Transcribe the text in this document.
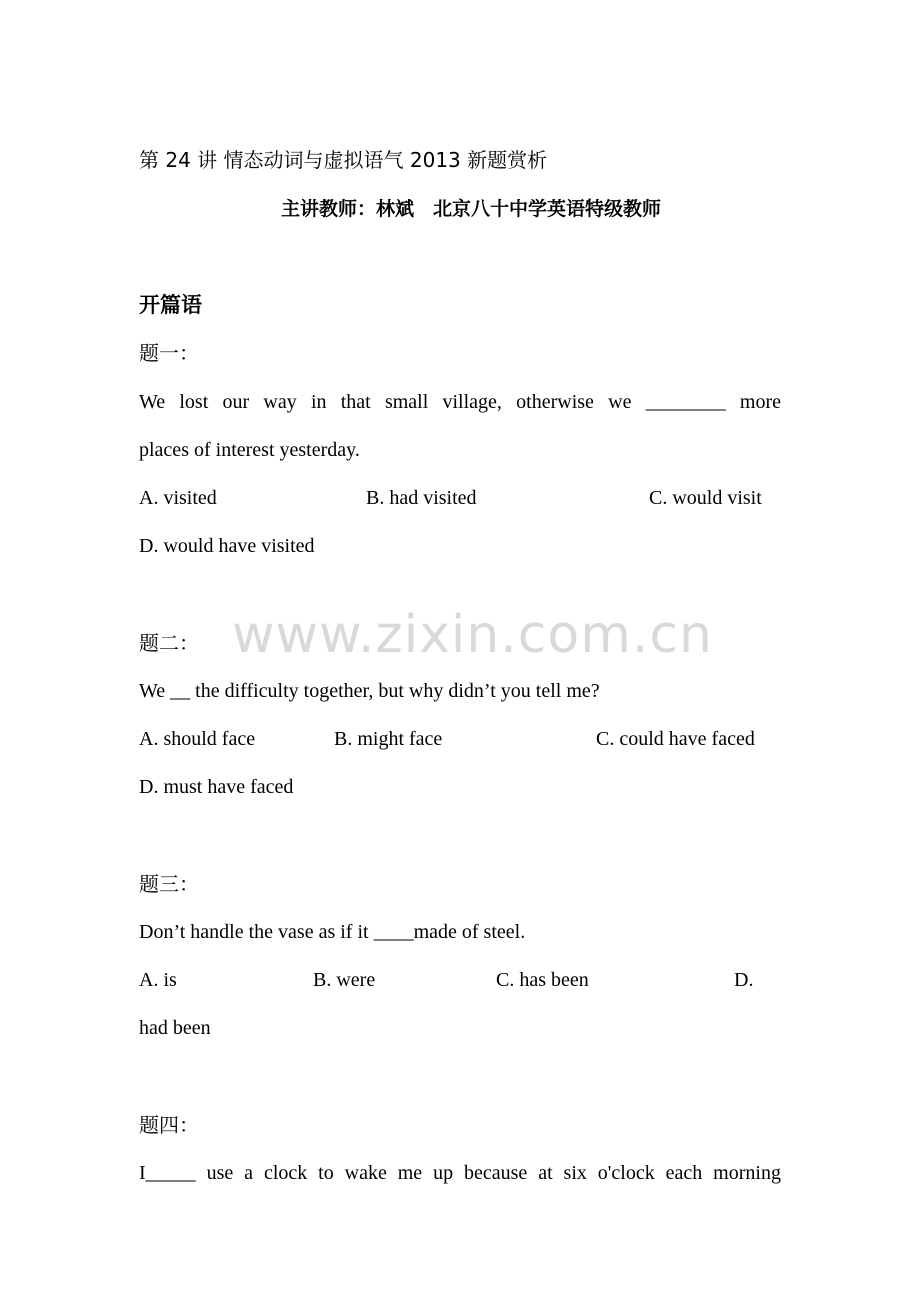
第 24 讲 情态动词与虚拟语气 2013 新题赏析
主讲教师：林斌　北京八十中学英语特级教师
开篇语
题一：
We lost our way in that small village, otherwise we ________ more
places of interest yesterday.
A. visited	B. had visited	C. would visit
D. would have visited
www.zixin.com.cn
题二：
We __ the difficulty together, but why didn’t you tell me?
A. should face	B. might face	C. could have faced
D. must have faced
题三：
Don’t handle the vase as if it ____made of steel.
A. is	B. were	C. has been	D.
had been
题四：
I_____ use a clock to wake me up because at six o'clock each morning
